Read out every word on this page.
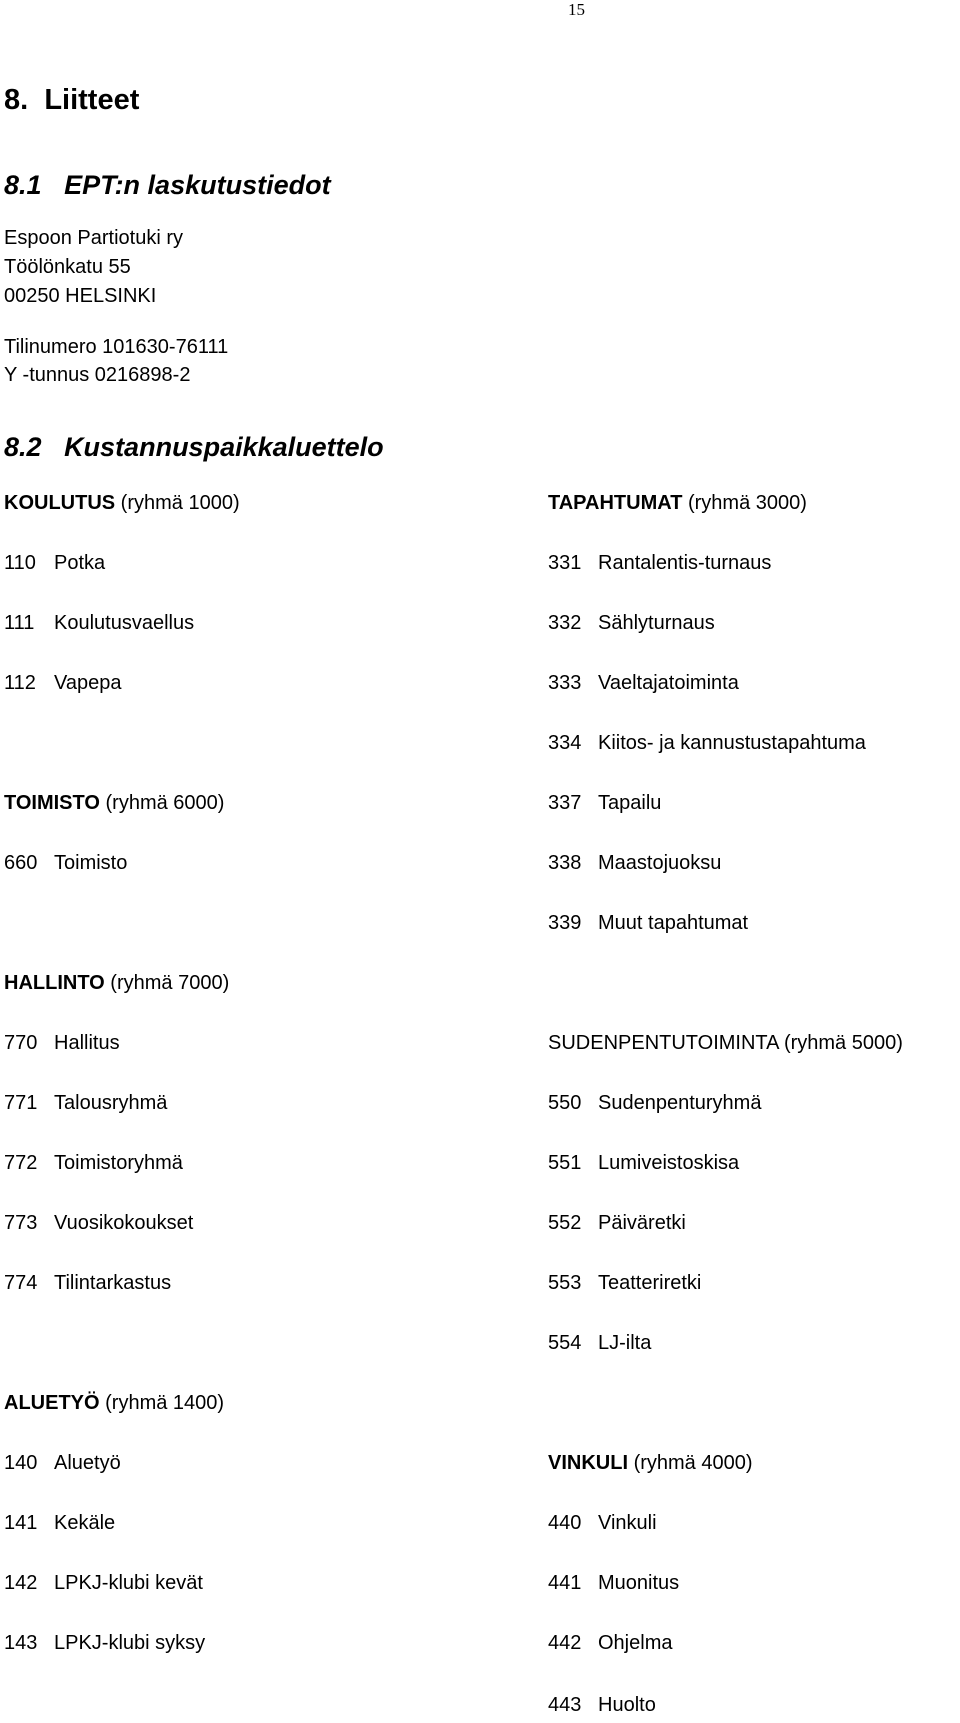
15
8. Liitteet
8.1 EPT:n laskutustiedot
Espoon Partiotuki ry
Töölönkatu 55
00250 HELSINKI
Tilinumero 101630-76111
Y -tunnus 0216898-2
8.2 Kustannuspaikkaluettelo
KOULUTUS (ryhmä 1000)
110 Potka
111 Koulutusvaellus
112 Vapepa
TAPAHTUMAT (ryhmä 3000)
331 Rantalentis-turnaus
332 Sählyturnaus
333 Vaeltajatoiminta
334 Kiitos- ja kannustustapahtuma
337 Tapailu
338 Maastojuoksu
339 Muut tapahtumat
TOIMISTO (ryhmä 6000)
660 Toimisto
HALLINTO (ryhmä 7000)
770 Hallitus
771 Talousryhmä
772 Toimistoryhmä
773 Vuosikokoukset
774 Tilintarkastus
SUDENPENTUTOIMINTA (ryhmä 5000)
550 Sudenpenturyhmä
551 Lumiveistoskisa
552 Päiväretki
553 Teatteriretki
554 LJ-ilta
ALUETYÖ (ryhmä 1400)
140 Aluetyö
141 Kekäle
142 LPKJ-klubi kevät
143 LPKJ-klubi syksy
VINKULI (ryhmä 4000)
440 Vinkuli
441 Muonitus
442 Ohjelma
443 Huolto
